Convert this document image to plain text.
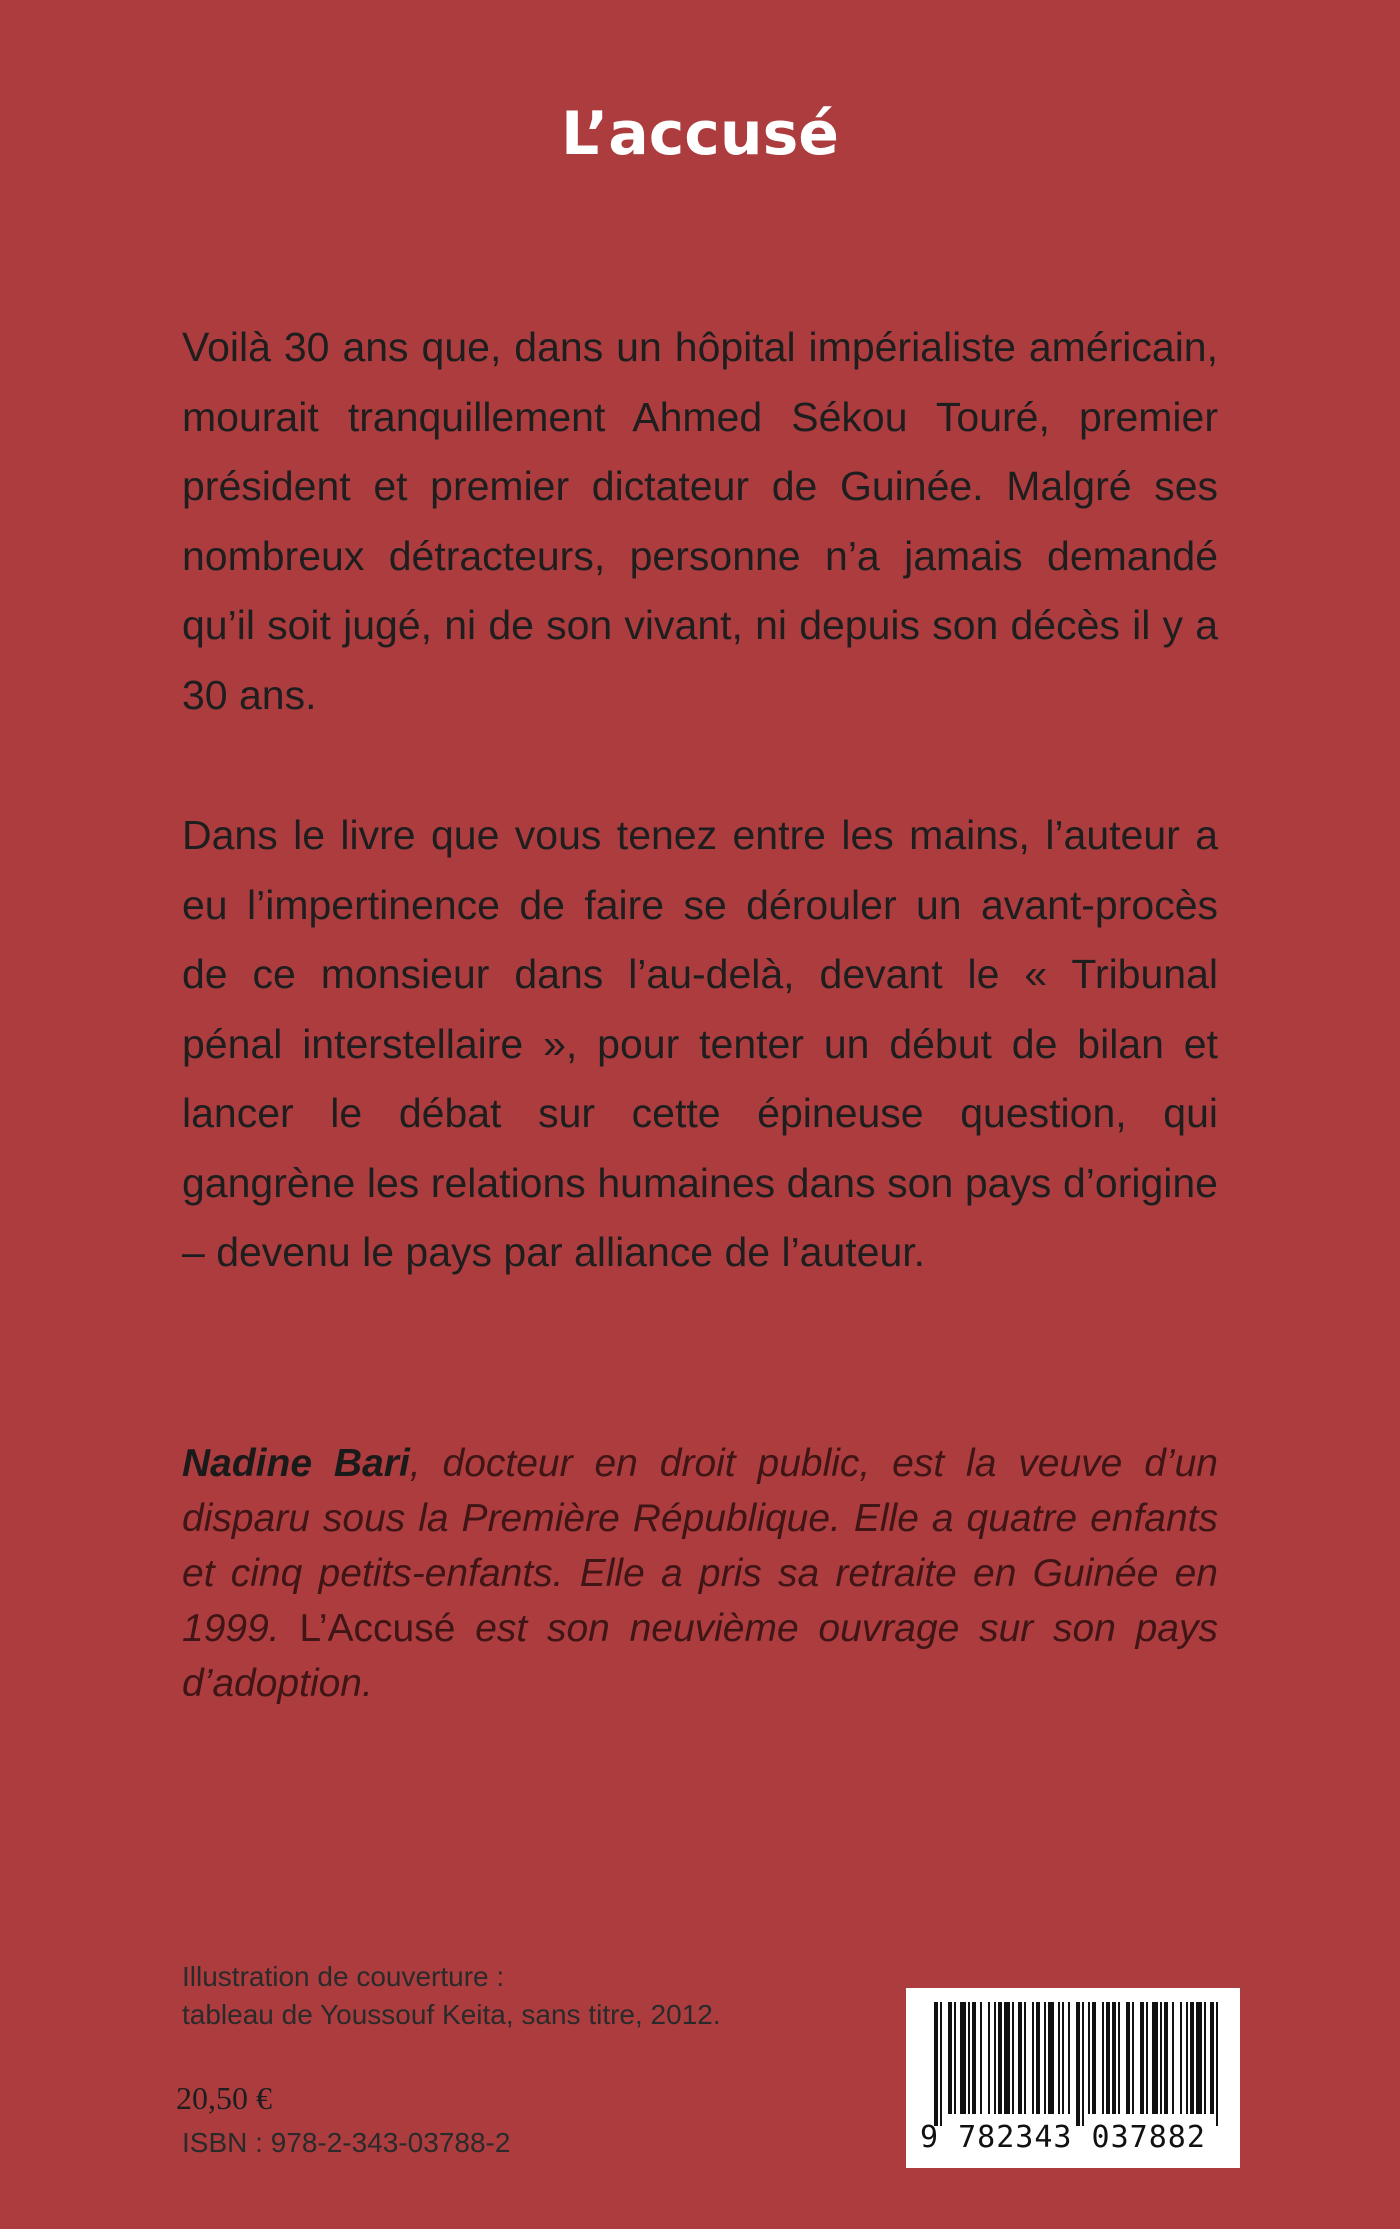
L’accusé

Voilà 30 ans que, dans un hôpital impérialiste américain, mourait tranquillement Ahmed Sékou Touré, premier président et premier dictateur de Guinée. Malgré ses nombreux détracteurs, personne n’a jamais demandé qu’il soit jugé, ni de son vivant, ni depuis son décès il y a 30 ans.

Dans le livre que vous tenez entre les mains, l’auteur a eu l’impertinence de faire se dérouler un avant-procès de ce monsieur dans l’au-delà, devant le « Tribunal pénal interstellaire », pour tenter un début de bilan et lancer le débat sur cette épineuse question, qui gangrène les relations humaines dans son pays d’origine – devenu le pays par alliance de l’auteur.

Nadine Bari, docteur en droit public, est la veuve d’un disparu sous la Première République. Elle a quatre enfants et cinq petits-enfants. Elle a pris sa retraite en Guinée en 1999. L’Accusé est son neuvième ouvrage sur son pays d’adoption.

Illustration de couverture :
tableau de Youssouf Keita, sans titre, 2012.
20,50 €
ISBN : 978-2-343-03788-2	9 782343 037882
